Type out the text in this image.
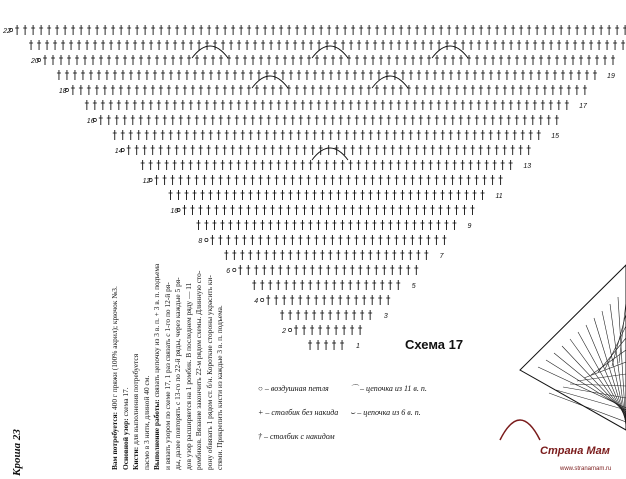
1
2
3
4
5
6
7
8
9
10
11
12
13
14
15
16
17
18
19
20
22
Схема 17
○ – воздушная петля
+ – столбик без накида
† – столбик с накидом
⌒ – цепочка из 11 в. п.
⌣ – цепочка из 6 в. п.

Вам потребуется: 400 г пряжи (100% акрил); крючок №3.

Основной узор: схема 17.

Кисти: для выполнения потребуется пасмо в 3 нити, длиной 40 см. Выполнение работы: связать цепочку из 3 в. п. + 3 в. п. подъема и вязать узором по схеме 17, 1 раз связать с 1-го по 12-й ря- ды, далее повторять с 13-го по 22-й ряды, через каждые 5 ря- дов узор расширяется на 1 ромбик. В последнем ряду — 11 ромбиков. Вязание закончить 22-м рядом схемы. Длинную сто- рону обвязать 1 рядом ст. б/н. Короткие стороны украсить ки- стями. Прикрепить кисти из каждые 3 в. п. подъема.

Кроша 23
Страна Мам
www.stranamam.ru
